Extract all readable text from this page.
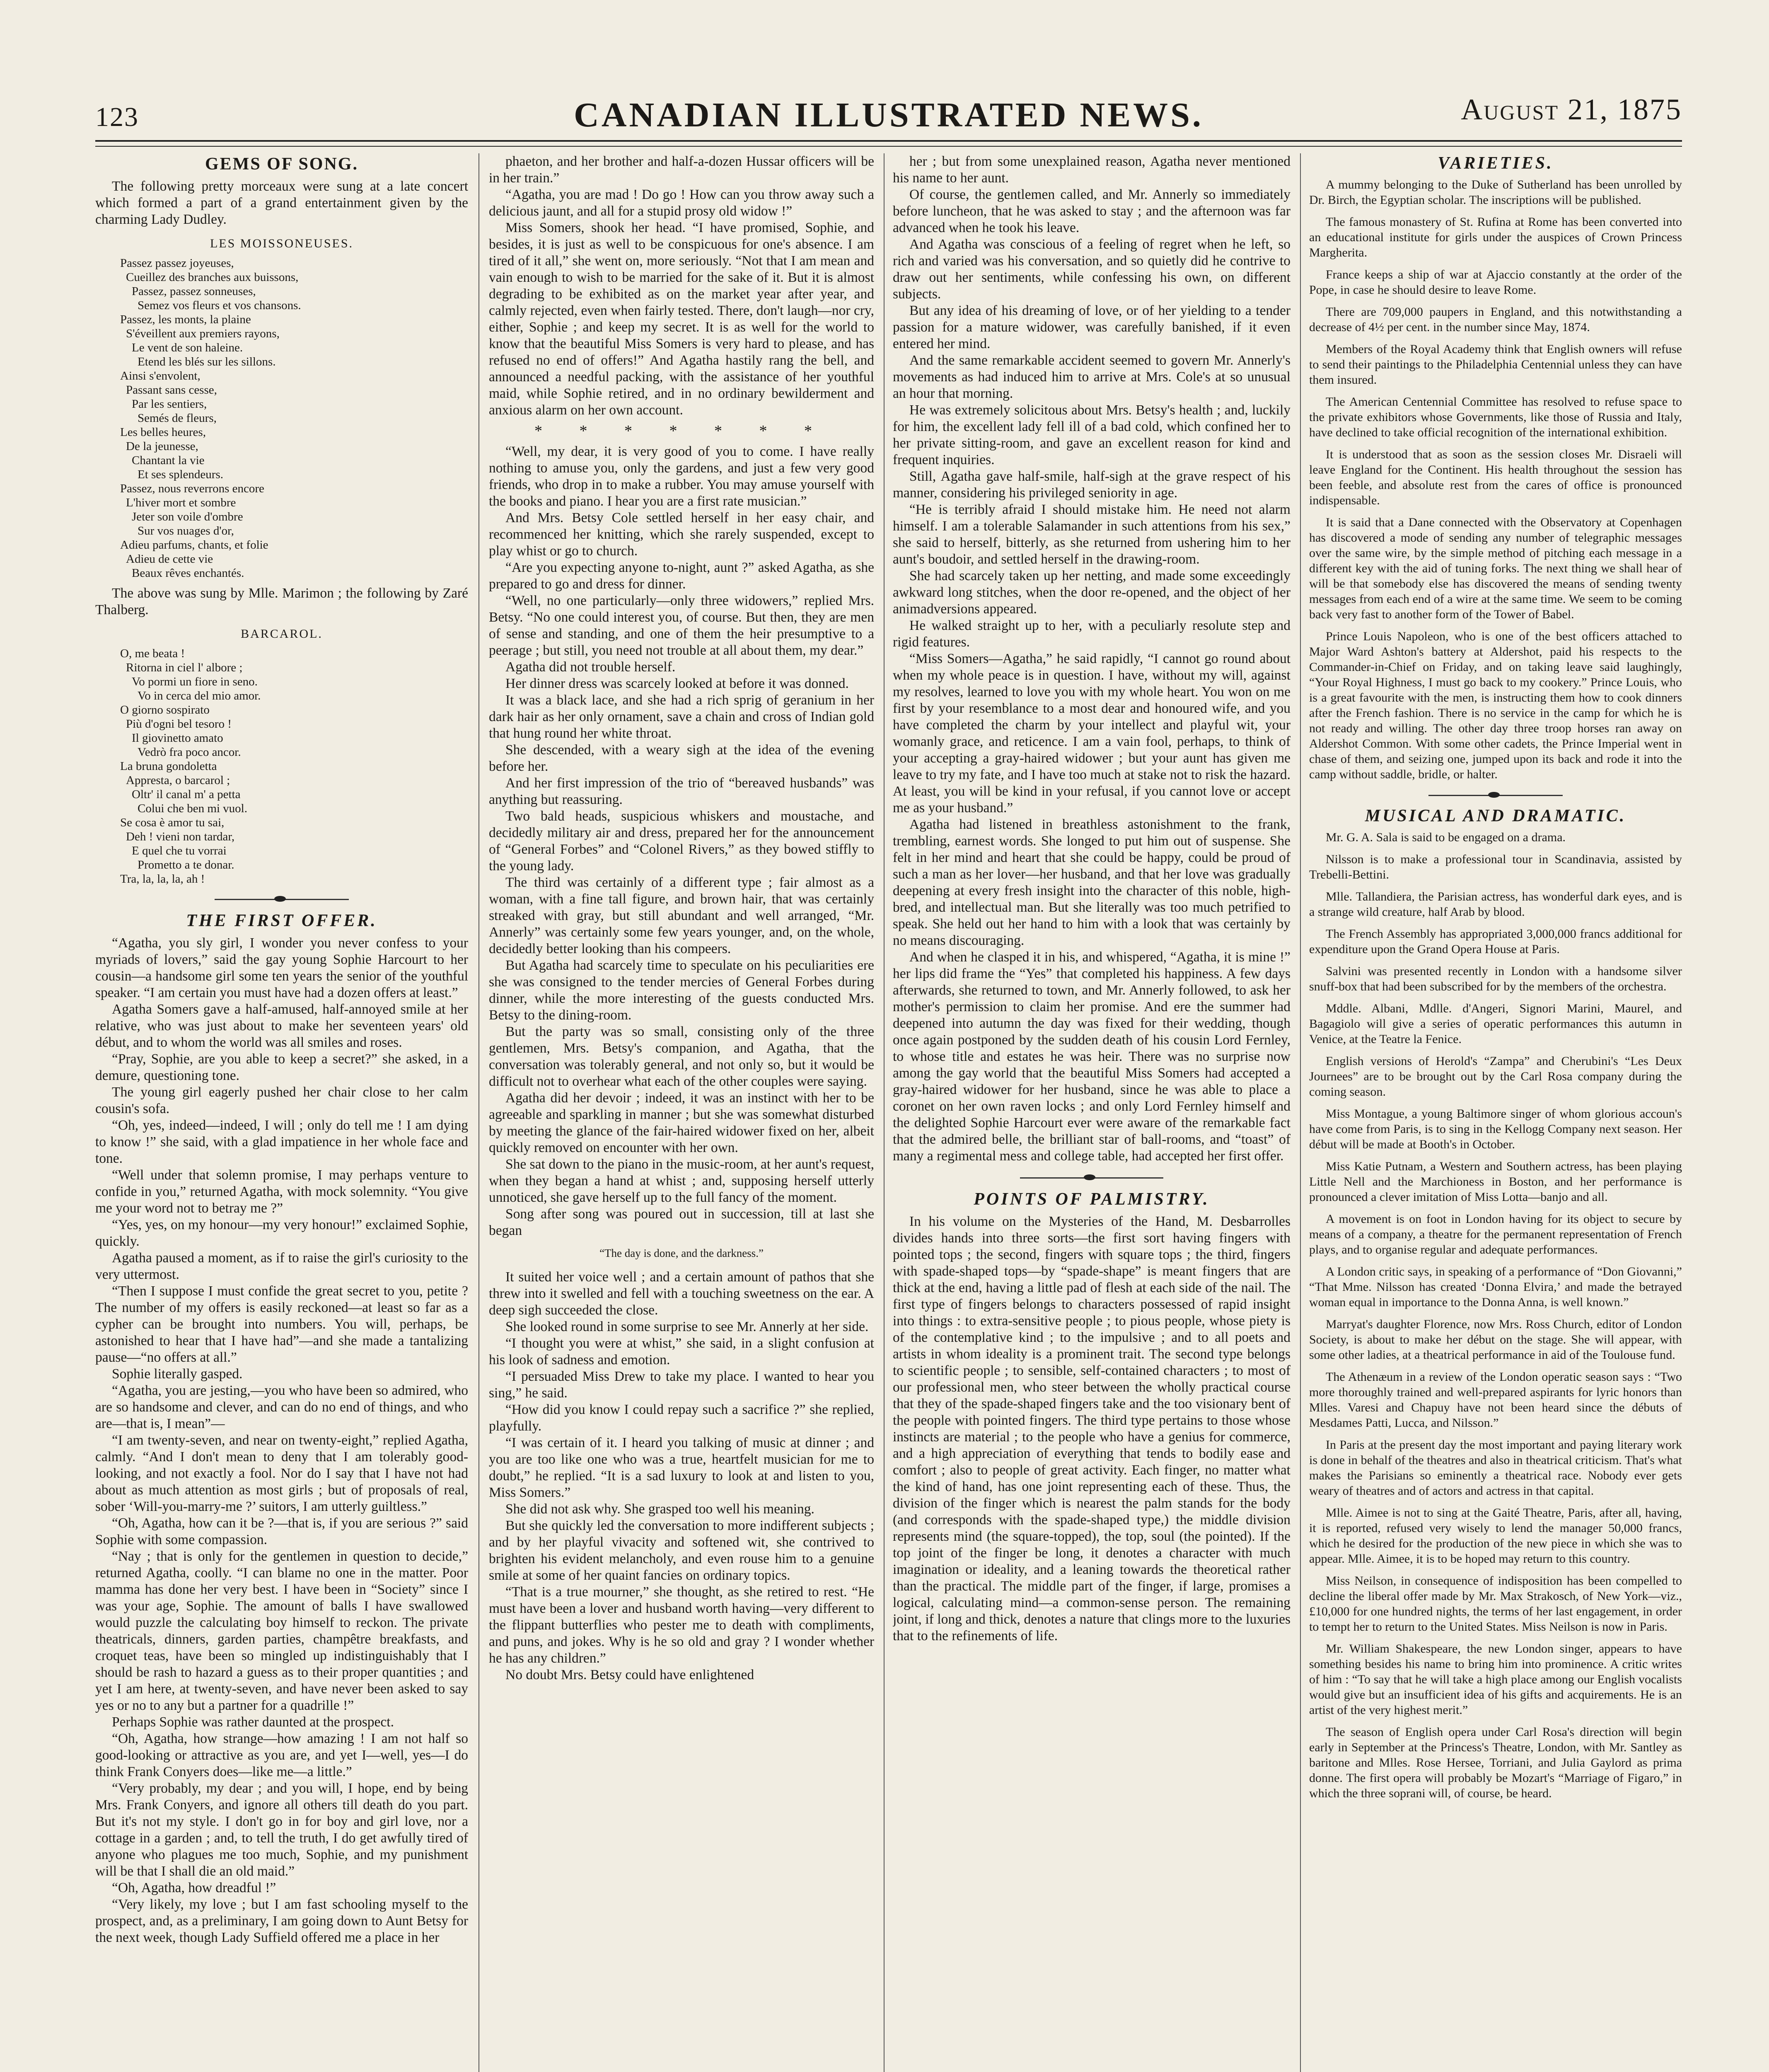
123	CANADIAN ILLUSTRATED NEWS.	August 21, 1875
GEMS OF SONG.

The following pretty morceaux were sung at a late concert which formed a part of a grand entertainment given by the charming Lady Dudley.

LES MOISSONEUSES.
Passez passez joyeuses,
Cueillez des branches aux buissons,
Passez, passez sonneuses,
Semez vos fleurs et vos chansons.
Passez, les monts, la plaine
S'éveillent aux premiers rayons,
Le vent de son haleine.
Etend les blés sur les sillons.
Ainsi s'envolent,
Passant sans cesse,
Par les sentiers,
Semés de fleurs,
Les belles heures,
De la jeunesse,
Chantant la vie
Et ses splendeurs.
Passez, nous reverrons encore
L'hiver mort et sombre
Jeter son voile d'ombre
Sur vos nuages d'or,
Adieu parfums, chants, et folie
Adieu de cette vie
Beaux rêves enchantés.

The above was sung by Mlle. Marimon ; the following by Zaré Thalberg.

BARCAROL.
O, me beata !
Ritorna in ciel l' albore ;
Vo pormi un fiore in seno.
Vo in cerca del mio amor.
O giorno sospirato
Più d'ogni bel tesoro !
Il giovinetto amato
Vedrò fra poco ancor.
La bruna gondoletta
Appresta, o barcarol ;
Oltr' il canal m' a petta
Colui che ben mi vuol.
Se cosa è amor tu sai,
Deh ! vieni non tardar,
E quel che tu vorrai
Prometto a te donar.
Tra, la, la, la, ah !
THE FIRST OFFER.

“Agatha, you sly girl, I wonder you never confess to your myriads of lovers,” said the gay young Sophie Harcourt to her cousin—a handsome girl some ten years the senior of the youthful speaker. “I am certain you must have had a dozen offers at least.”

Agatha Somers gave a half-amused, half-annoyed smile at her relative, who was just about to make her seventeen years' old début, and to whom the world was all smiles and roses.

“Pray, Sophie, are you able to keep a secret?” she asked, in a demure, questioning tone.

The young girl eagerly pushed her chair close to her calm cousin's sofa.

“Oh, yes, indeed—indeed, I will ; only do tell me ! I am dying to know !” she said, with a glad impatience in her whole face and tone.

“Well under that solemn promise, I may perhaps venture to confide in you,” returned Agatha, with mock solemnity. “You give me your word not to betray me ?”

“Yes, yes, on my honour—my very honour!” exclaimed Sophie, quickly.

Agatha paused a moment, as if to raise the girl's curiosity to the very uttermost.

“Then I suppose I must confide the great secret to you, petite ? The number of my offers is easily reckoned—at least so far as a cypher can be brought into numbers. You will, perhaps, be astonished to hear that I have had”—and she made a tantalizing pause—“no offers at all.”

Sophie literally gasped.

“Agatha, you are jesting,—you who have been so admired, who are so handsome and clever, and can do no end of things, and who are—that is, I mean”—

“I am twenty-seven, and near on twenty-eight,” replied Agatha, calmly. “And I don't mean to deny that I am tolerably good-looking, and not exactly a fool. Nor do I say that I have not had about as much attention as most girls ; but of proposals of real, sober ‘Will-you-marry-me ?’ suitors, I am utterly guiltless.”

“Oh, Agatha, how can it be ?—that is, if you are serious ?” said Sophie with some compassion.

“Nay ; that is only for the gentlemen in question to decide,” returned Agatha, coolly. “I can blame no one in the matter. Poor mamma has done her very best. I have been in “Society” since I was your age, Sophie. The amount of balls I have swallowed would puzzle the calculating boy himself to reckon. The private theatricals, dinners, garden parties, champêtre breakfasts, and croquet teas, have been so mingled up indistinguishably that I should be rash to hazard a guess as to their proper quantities ; and yet I am here, at twenty-seven, and have never been asked to say yes or no to any but a partner for a quadrille !”

Perhaps Sophie was rather daunted at the prospect.

“Oh, Agatha, how strange—how amazing ! I am not half so good-looking or attractive as you are, and yet I—well, yes—I do think Frank Conyers does—like me—a little.”

“Very probably, my dear ; and you will, I hope, end by being Mrs. Frank Conyers, and ignore all others till death do you part. But it's not my style. I don't go in for boy and girl love, nor a cottage in a garden ; and, to tell the truth, I do get awfully tired of anyone who plagues me too much, Sophie, and my punishment will be that I shall die an old maid.”

“Oh, Agatha, how dreadful !”

“Very likely, my love ; but I am fast schooling myself to the prospect, and, as a preliminary, I am going down to Aunt Betsy for the next week, though Lady Suffield offered me a place in her

phaeton, and her brother and half-a-dozen Hussar officers will be in her train.”

“Agatha, you are mad ! Do go ! How can you throw away such a delicious jaunt, and all for a stupid prosy old widow !”

Miss Somers, shook her head. “I have promised, Sophie, and besides, it is just as well to be conspicuous for one's absence. I am tired of it all,” she went on, more seriously. “Not that I am mean and vain enough to wish to be married for the sake of it. But it is almost degrading to be exhibited as on the market year after year, and calmly rejected, even when fairly tested. There, don't laugh—nor cry, either, Sophie ; and keep my secret. It is as well for the world to know that the beautiful Miss Somers is very hard to please, and has refused no end of offers!” And Agatha hastily rang the bell, and announced a needful packing, with the assistance of her youthful maid, while Sophie retired, and in no ordinary bewilderment and anxious alarm on her own account.

* * * * * * *

“Well, my dear, it is very good of you to come. I have really nothing to amuse you, only the gardens, and just a few very good friends, who drop in to make a rubber. You may amuse yourself with the books and piano. I hear you are a first rate musician.”

And Mrs. Betsy Cole settled herself in her easy chair, and recommenced her knitting, which she rarely suspended, except to play whist or go to church.

“Are you expecting anyone to-night, aunt ?” asked Agatha, as she prepared to go and dress for dinner.

“Well, no one particularly—only three widowers,” replied Mrs. Betsy. “No one could interest you, of course. But then, they are men of sense and standing, and one of them the heir presumptive to a peerage ; but still, you need not trouble at all about them, my dear.”

Agatha did not trouble herself.

Her dinner dress was scarcely looked at before it was donned.

It was a black lace, and she had a rich sprig of geranium in her dark hair as her only ornament, save a chain and cross of Indian gold that hung round her white throat.

She descended, with a weary sigh at the idea of the evening before her.

And her first impression of the trio of “bereaved husbands” was anything but reassuring.

Two bald heads, suspicious whiskers and moustache, and decidedly military air and dress, prepared her for the announcement of “General Forbes” and “Colonel Rivers,” as they bowed stiffly to the young lady.

The third was certainly of a different type ; fair almost as a woman, with a fine tall figure, and brown hair, that was certainly streaked with gray, but still abundant and well arranged, “Mr. Annerly” was certainly some few years younger, and, on the whole, decidedly better looking than his compeers.

But Agatha had scarcely time to speculate on his peculiarities ere she was consigned to the tender mercies of General Forbes during dinner, while the more interesting of the guests conducted Mrs. Betsy to the dining-room.

But the party was so small, consisting only of the three gentlemen, Mrs. Betsy's companion, and Agatha, that the conversation was tolerably general, and not only so, but it would be difficult not to overhear what each of the other couples were saying.

Agatha did her devoir ; indeed, it was an instinct with her to be agreeable and sparkling in manner ; but she was somewhat disturbed by meeting the glance of the fair-haired widower fixed on her, albeit quickly removed on encounter with her own.

She sat down to the piano in the music-room, at her aunt's request, when they began a hand at whist ; and, supposing herself utterly unnoticed, she gave herself up to the full fancy of the moment.

Song after song was poured out in succession, till at last she began

“The day is done, and the darkness.”

It suited her voice well ; and a certain amount of pathos that she threw into it swelled and fell with a touching sweetness on the ear. A deep sigh succeeded the close.

She looked round in some surprise to see Mr. Annerly at her side.

“I thought you were at whist,” she said, in a slight confusion at his look of sadness and emotion.

“I persuaded Miss Drew to take my place. I wanted to hear you sing,” he said.

“How did you know I could repay such a sacrifice ?” she replied, playfully.

“I was certain of it. I heard you talking of music at dinner ; and you are too like one who was a true, heartfelt musician for me to doubt,” he replied. “It is a sad luxury to look at and listen to you, Miss Somers.”

She did not ask why. She grasped too well his meaning.

But she quickly led the conversation to more indifferent subjects ; and by her playful vivacity and softened wit, she contrived to brighten his evident melancholy, and even rouse him to a genuine smile at some of her quaint fancies on ordinary topics.

“That is a true mourner,” she thought, as she retired to rest. “He must have been a lover and husband worth having—very different to the flippant butterflies who pester me to death with compliments, and puns, and jokes. Why is he so old and gray ? I wonder whether he has any children.”

No doubt Mrs. Betsy could have enlightened

her ; but from some unexplained reason, Agatha never mentioned his name to her aunt.

Of course, the gentlemen called, and Mr. Annerly so immediately before luncheon, that he was asked to stay ; and the afternoon was far advanced when he took his leave.

And Agatha was conscious of a feeling of regret when he left, so rich and varied was his conversation, and so quietly did he contrive to draw out her sentiments, while confessing his own, on different subjects.

But any idea of his dreaming of love, or of her yielding to a tender passion for a mature widower, was carefully banished, if it even entered her mind.

And the same remarkable accident seemed to govern Mr. Annerly's movements as had induced him to arrive at Mrs. Cole's at so unusual an hour that morning.

He was extremely solicitous about Mrs. Betsy's health ; and, luckily for him, the excellent lady fell ill of a bad cold, which confined her to her private sitting-room, and gave an excellent reason for kind and frequent inquiries.

Still, Agatha gave half-smile, half-sigh at the grave respect of his manner, considering his privileged seniority in age.

“He is terribly afraid I should mistake him. He need not alarm himself. I am a tolerable Salamander in such attentions from his sex,” she said to herself, bitterly, as she returned from ushering him to her aunt's boudoir, and settled herself in the drawing-room.

She had scarcely taken up her netting, and made some exceedingly awkward long stitches, when the door re-opened, and the object of her animadversions appeared.

He walked straight up to her, with a peculiarly resolute step and rigid features.

“Miss Somers—Agatha,” he said rapidly, “I cannot go round about when my whole peace is in question. I have, without my will, against my resolves, learned to love you with my whole heart. You won on me first by your resemblance to a most dear and honoured wife, and you have completed the charm by your intellect and playful wit, your womanly grace, and reticence. I am a vain fool, perhaps, to think of your accepting a gray-haired widower ; but your aunt has given me leave to try my fate, and I have too much at stake not to risk the hazard. At least, you will be kind in your refusal, if you cannot love or accept me as your husband.”

Agatha had listened in breathless astonishment to the frank, trembling, earnest words. She longed to put him out of suspense. She felt in her mind and heart that she could be happy, could be proud of such a man as her lover—her husband, and that her love was gradually deepening at every fresh insight into the character of this noble, high-bred, and intellectual man. But she literally was too much petrified to speak. She held out her hand to him with a look that was certainly by no means discouraging.

And when he clasped it in his, and whispered, “Agatha, it is mine !” her lips did frame the “Yes” that completed his happiness. A few days afterwards, she returned to town, and Mr. Annerly followed, to ask her mother's permission to claim her promise. And ere the summer had deepened into autumn the day was fixed for their wedding, though once again postponed by the sudden death of his cousin Lord Fernley, to whose title and estates he was heir. There was no surprise now among the gay world that the beautiful Miss Somers had accepted a gray-haired widower for her husband, since he was able to place a coronet on her own raven locks ; and only Lord Fernley himself and the delighted Sophie Harcourt ever were aware of the remarkable fact that the admired belle, the brilliant star of ball-rooms, and “toast” of many a regimental mess and college table, had accepted her first offer.

POINTS OF PALMISTRY.

In his volume on the Mysteries of the Hand, M. Desbarrolles divides hands into three sorts—the first sort having fingers with pointed tops ; the second, fingers with square tops ; the third, fingers with spade-shaped tops—by “spade-shape” is meant fingers that are thick at the end, having a little pad of flesh at each side of the nail. The first type of fingers belongs to characters possessed of rapid insight into things : to extra-sensitive people ; to pious people, whose piety is of the contemplative kind ; to the impulsive ; and to all poets and artists in whom ideality is a prominent trait. The second type belongs to scientific people ; to sensible, self-contained characters ; to most of our professional men, who steer between the wholly practical course that they of the spade-shaped fingers take and the too visionary bent of the people with pointed fingers. The third type pertains to those whose instincts are material ; to the people who have a genius for commerce, and a high appreciation of everything that tends to bodily ease and comfort ; also to people of great activity. Each finger, no matter what the kind of hand, has one joint representing each of these. Thus, the division of the finger which is nearest the palm stands for the body (and corresponds with the spade-shaped type,) the middle division represents mind (the square-topped), the top, soul (the pointed). If the top joint of the finger be long, it denotes a character with much imagination or ideality, and a leaning towards the theoretical rather than the practical. The middle part of the finger, if large, promises a logical, calculating mind—a common-sense person. The remaining joint, if long and thick, denotes a nature that clings more to the luxuries that to the refinements of life.

VARIETIES.

A mummy belonging to the Duke of Sutherland has been unrolled by Dr. Birch, the Egyptian scholar. The inscriptions will be published.

The famous monastery of St. Rufina at Rome has been converted into an educational institute for girls under the auspices of Crown Princess Margherita.

France keeps a ship of war at Ajaccio constantly at the order of the Pope, in case he should desire to leave Rome.

There are 709,000 paupers in England, and this notwithstanding a decrease of 4½ per cent. in the number since May, 1874.

Members of the Royal Academy think that English owners will refuse to send their paintings to the Philadelphia Centennial unless they can have them insured.

The American Centennial Committee has resolved to refuse space to the private exhibitors whose Governments, like those of Russia and Italy, have declined to take official recognition of the international exhibition.

It is understood that as soon as the session closes Mr. Disraeli will leave England for the Continent. His health throughout the session has been feeble, and absolute rest from the cares of office is pronounced indispensable.

It is said that a Dane connected with the Observatory at Copenhagen has discovered a mode of sending any number of telegraphic messages over the same wire, by the simple method of pitching each message in a different key with the aid of tuning forks. The next thing we shall hear of will be that somebody else has discovered the means of sending twenty messages from each end of a wire at the same time. We seem to be coming back very fast to another form of the Tower of Babel.

Prince Louis Napoleon, who is one of the best officers attached to Major Ward Ashton's battery at Aldershot, paid his respects to the Commander-in-Chief on Friday, and on taking leave said laughingly, “Your Royal Highness, I must go back to my cookery.” Prince Louis, who is a great favourite with the men, is instructing them how to cook dinners after the French fashion. There is no service in the camp for which he is not ready and willing. The other day three troop horses ran away on Aldershot Common. With some other cadets, the Prince Imperial went in chase of them, and seizing one, jumped upon its back and rode it into the camp without saddle, bridle, or halter.

MUSICAL AND DRAMATIC.

Mr. G. A. Sala is said to be engaged on a drama.

Nilsson is to make a professional tour in Scandinavia, assisted by Trebelli-Bettini.

Mlle. Tallandiera, the Parisian actress, has wonderful dark eyes, and is a strange wild creature, half Arab by blood.

The French Assembly has appropriated 3,000,000 francs additional for expenditure upon the Grand Opera House at Paris.

Salvini was presented recently in London with a handsome silver snuff-box that had been subscribed for by the members of the orchestra.

Mddle. Albani, Mdlle. d'Angeri, Signori Marini, Maurel, and Bagagiolo will give a series of operatic performances this autumn in Venice, at the Teatre la Fenice.

English versions of Herold's “Zampa” and Cherubini's “Les Deux Journees” are to be brought out by the Carl Rosa company during the coming season.

Miss Montague, a young Baltimore singer of whom glorious accoun's have come from Paris, is to sing in the Kellogg Company next season. Her début will be made at Booth's in October.

Miss Katie Putnam, a Western and Southern actress, has been playing Little Nell and the Marchioness in Boston, and her performance is pronounced a clever imitation of Miss Lotta—banjo and all.

A movement is on foot in London having for its object to secure by means of a company, a theatre for the permanent representation of French plays, and to organise regular and adequate performances.

A London critic says, in speaking of a performance of “Don Giovanni,” “That Mme. Nilsson has created ‘Donna Elvira,’ and made the betrayed woman equal in importance to the Donna Anna, is well known.”

Marryat's daughter Florence, now Mrs. Ross Church, editor of London Society, is about to make her début on the stage. She will appear, with some other ladies, at a theatrical performance in aid of the Toulouse fund.

The Athenæum in a review of the London operatic season says : “Two more thoroughly trained and well-prepared aspirants for lyric honors than Mlles. Varesi and Chapuy have not been heard since the débuts of Mesdames Patti, Lucca, and Nilsson.”

In Paris at the present day the most important and paying literary work is done in behalf of the theatres and also in theatrical criticism. That's what makes the Parisians so eminently a theatrical race. Nobody ever gets weary of theatres and of actors and actress in that capital.

Mlle. Aimee is not to sing at the Gaité Theatre, Paris, after all, having, it is reported, refused very wisely to lend the manager 50,000 francs, which he desired for the production of the new piece in which she was to appear. Mlle. Aimee, it is to be hoped may return to this country.

Miss Neilson, in consequence of indisposition has been compelled to decline the liberal offer made by Mr. Max Strakosch, of New York—viz., £10,000 for one hundred nights, the terms of her last engagement, in order to tempt her to return to the United States. Miss Neilson is now in Paris.

Mr. William Shakespeare, the new London singer, appears to have something besides his name to bring him into prominence. A critic writes of him : “To say that he will take a high place among our English vocalists would give but an insufficient idea of his gifts and acquirements. He is an artist of the very highest merit.”

The season of English opera under Carl Rosa's direction will begin early in September at the Princess's Theatre, London, with Mr. Santley as baritone and Mlles. Rose Hersee, Torriani, and Julia Gaylord as prima donne. The first opera will probably be Mozart's “Marriage of Figaro,” in which the three soprani will, of course, be heard.
